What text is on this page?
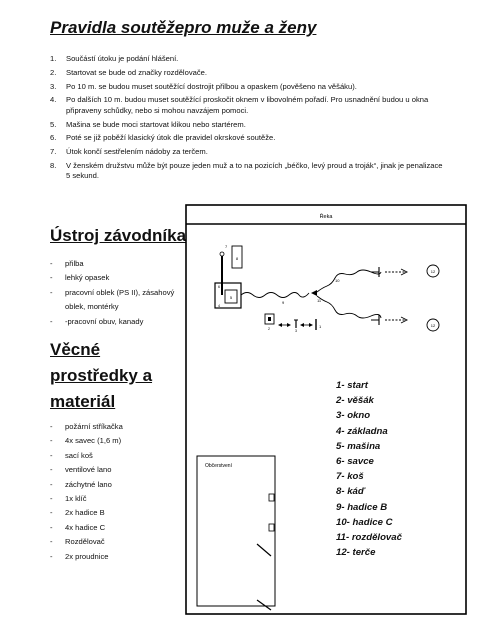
Pravidla soutěžepro muže a ženy
1. Součástí útoku je podání hlášení.
2. Startovat se bude od značky rozdělovače.
3. Po 10 m. se budou muset soutěžící dostrojit přilbou a opaskem (pověšeno na věšáku).
4. Po dalších 10 m. budou muset soutěžící proskočit oknem v libovolném pořadí. Pro usnadnění budou u okna připraveny schůdky, nebo si mohou navzájem pomoci.
5. Mašina se bude moci startovat klikou nebo startérem.
6. Poté se již poběží klasický útok dle pravidel okrskové soutěže.
7. Útok končí sestřelením nádoby za terčem.
8. V ženském družstvu může být pouze jeden muž a to na pozicích „béčko, levý proud a troják“, jinak je penalizace 5 sekund.
Ústroj závodníka
- přilba
- lehký opasek
- pracovní oblek (PS II), zásahový oblek, montérky
- -pracovní obuv, kanady
Věcné
prostředky a
materiál
- požární stříkačka
- 4x savec (1,6 m)
- sací koš
- ventilové lano
- záchytné lano
- 1x klíč
- 2x hadice B
- 4x hadice C
- Rozdělovač
- 2x proudnice
Řeka
7
8
5
6
9	11
10
12
12
2	3
1
4
Občerstvení
1- start
2- věšák
3- okno
4- základna
5- mašina
6- savce
7- koš
8- káď
9- hadice B
10- hadice C
11- rozdělovač
12- terče
